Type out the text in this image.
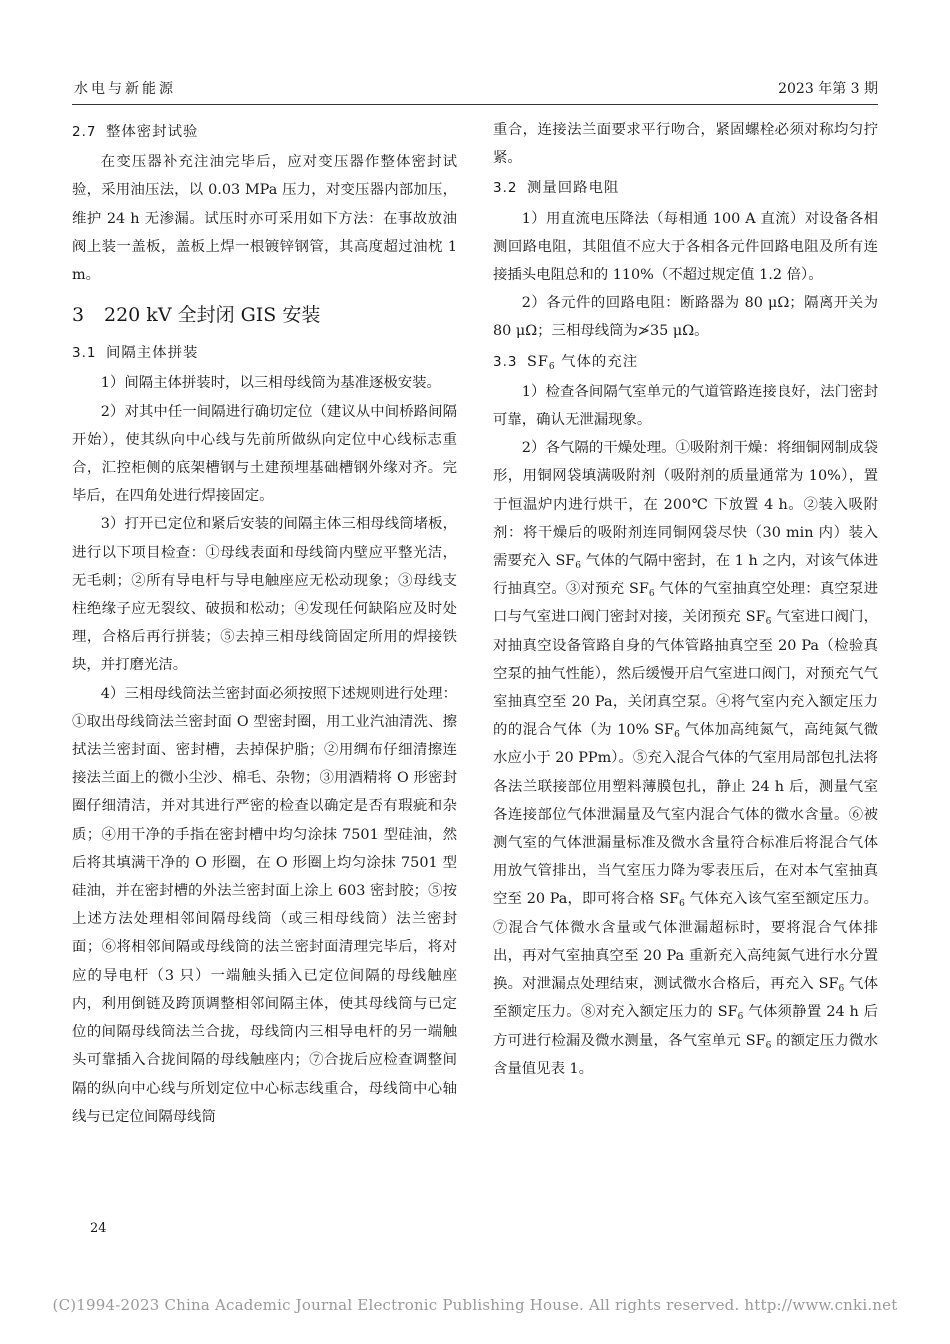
水电与新能源	2023 年第 3 期
2.7 整体密封试验

在变压器补充注油完毕后，应对变压器作整体密封试验，采用油压法，以 0.03 MPa 压力，对变压器内部加压，维护 24 h 无渗漏。试压时亦可采用如下方法：在事故放油阀上装一盖板，盖板上焊一根镀锌钢管，其高度超过油枕 1 m。

3 220 kV 全封闭 GIS 安装
3.1 间隔主体拼装

1）间隔主体拼装时，以三相母线筒为基准逐极安装。

2）对其中任一间隔进行确切定位（建议从中间桥路间隔开始），使其纵向中心线与先前所做纵向定位中心线标志重合，汇控柜侧的底架槽钢与土建预埋基础槽钢外缘对齐。完毕后，在四角处进行焊接固定。

3）打开已定位和紧后安装的间隔主体三相母线筒堵板，进行以下项目检查：①母线表面和母线筒内壁应平整光洁，无毛刺；②所有导电杆与导电触座应无松动现象；③母线支柱绝缘子应无裂纹、破损和松动；④发现任何缺陷应及时处理，合格后再行拼装；⑤去掉三相母线筒固定所用的焊接铁块，并打磨光洁。

4）三相母线筒法兰密封面必须按照下述规则进行处理：①取出母线筒法兰密封面 O 型密封圈，用工业汽油清洗、擦拭法兰密封面、密封槽，去掉保护脂；②用绸布仔细清擦连接法兰面上的微小尘沙、棉毛、杂物；③用酒精将 O 形密封圈仔细清洁，并对其进行严密的检查以确定是否有瑕疵和杂质；④用干净的手指在密封槽中均匀涂抹 7501 型硅油，然后将其填满干净的 O 形圈，在 O 形圈上均匀涂抹 7501 型硅油，并在密封槽的外法兰密封面上涂上 603 密封胶；⑤按上述方法处理相邻间隔母线筒（或三相母线筒）法兰密封面；⑥将相邻间隔或母线筒的法兰密封面清理完毕后，将对应的导电杆（3 只）一端触头插入已定位间隔的母线触座内，利用倒链及跨顶调整相邻间隔主体，使其母线筒与已定位的间隔母线筒法兰合拢，母线筒内三相导电杆的另一端触头可靠插入合拢间隔的母线触座内；⑦合拢后应检查调整间隔的纵向中心线与所划定位中心标志线重合，母线筒中心轴线与已定位间隔母线筒

重合，连接法兰面要求平行吻合，紧固螺栓必须对称均匀拧紧。

3.2 测量回路电阻

1）用直流电压降法（每相通 100 A 直流）对设备各相测回路电阻，其阻值不应大于各相各元件回路电阻及所有连接插头电阻总和的 110%（不超过规定值 1.2 倍）。

2）各元件的回路电阻：断路器为 80 μΩ；隔离开关为 80 μΩ；三相母线筒为≯35 μΩ。

3.3 $SF_6$ 气体的充注

1）检查各间隔气室单元的气道管路连接良好，法门密封可靠，确认无泄漏现象。

2）各气隔的干燥处理。①吸附剂干燥：将细铜网制成袋形，用铜网袋填满吸附剂（吸附剂的质量通常为 10%），置于恒温炉内进行烘干，在 200℃ 下放置 4 h。②装入吸附剂：将干燥后的吸附剂连同铜网袋尽快（30 min 内）装入需要充入 $SF_6$ 气体的气隔中密封，在 1 h 之内，对该气体进行抽真空。③对预充 $SF_6$ 气体的气室抽真空处理：真空泵进口与气室进口阀门密封对接，关闭预充 $SF_6$ 气室进口阀门，对抽真空设备管路自身的气体管路抽真空至 20 Pa（检验真空泵的抽气性能），然后缓慢开启气室进口阀门，对预充气气室抽真空至 20 Pa，关闭真空泵。④将气室内充入额定压力的的混合气体（为 10% $SF_6$ 气体加高纯氮气，高纯氮气微水应小于 20 PPm）。⑤充入混合气体的气室用局部包扎法将各法兰联接部位用塑料薄膜包扎，静止 24 h 后，测量气室各连接部位气体泄漏量及气室内混合气体的微水含量。⑥被测气室的气体泄漏量标准及微水含量符合标准后将混合气体用放气管排出，当气室压力降为零表压后，在对本气室抽真空至 20 Pa，即可将合格 $SF_6$ 气体充入该气室至额定压力。⑦混合气体微水含量或气体泄漏超标时，要将混合气体排出，再对气室抽真空至 20 Pa 重新充入高纯氮气进行水分置换。对泄漏点处理结束，测试微水合格后，再充入 $SF_6$ 气体至额定压力。⑧对充入额定压力的 $SF_6$ 气体须静置 24 h 后方可进行检漏及微水测量，各气室单元 $SF_6$ 的额定压力微水含量值见表 1。

24
(C)1994-2023 China Academic Journal Electronic Publishing House. All rights reserved. http://www.cnki.net
